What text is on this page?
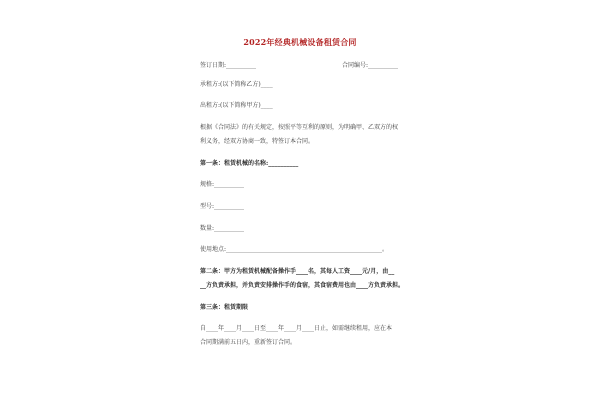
2022年经典机械设备租赁合同
签订日期:__________	合同编号:__________
承租方:(以下简称乙方)____
出租方:(以下简称甲方)____
根据《合同法》的有关规定，按照平等互利的原则，为明确甲、乙双方的权
利义务，经双方协商一致，特签订本合同。
第一条：租赁机械的名称:__________
规格:__________
型号:__________
数量:__________
使用地点:____________________________________________________。
第二条：甲方为租赁机械配备操作手____名，其每人工资____元/月，由__
__方负责承担，并负责安排操作手的食宿，其食宿费用也由____方负责承担。
第三条：租赁期限
自____年____月____日至____年____月____日止，如需继续租用，应在本
合同期满前五日内，重新签订合同。
